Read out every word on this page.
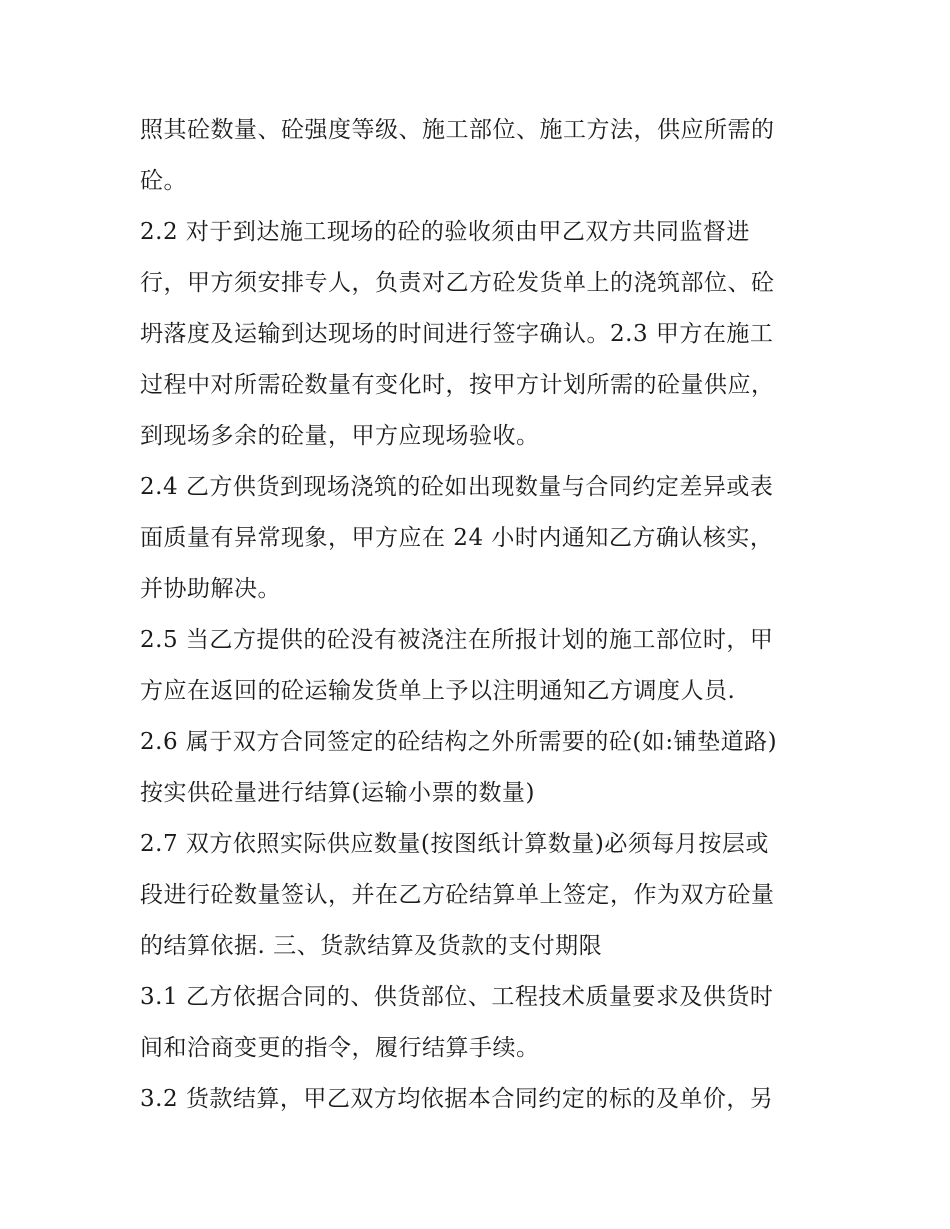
照其砼数量、砼强度等级、施工部位、施工方法，供应所需的
砼。
2.2 对于到达施工现场的砼的验收须由甲乙双方共同监督进
行，甲方须安排专人，负责对乙方砼发货单上的浇筑部位、砼
坍落度及运输到达现场的时间进行签字确认。2.3 甲方在施工
过程中对所需砼数量有变化时，按甲方计划所需的砼量供应，
到现场多余的砼量，甲方应现场验收。
2.4 乙方供货到现场浇筑的砼如出现数量与合同约定差异或表
面质量有异常现象，甲方应在 24 小时内通知乙方确认核实，
并协助解决。
2.5 当乙方提供的砼没有被浇注在所报计划的施工部位时，甲
方应在返回的砼运输发货单上予以注明通知乙方调度人员.
2.6 属于双方合同签定的砼结构之外所需要的砼(如:铺垫道路)
按实供砼量进行结算(运输小票的数量)
2.7 双方依照实际供应数量(按图纸计算数量)必须每月按层或
段进行砼数量签认，并在乙方砼结算单上签定，作为双方砼量
的结算依据. 三、货款结算及货款的支付期限
3.1 乙方依据合同的、供货部位、工程技术质量要求及供货时
间和洽商变更的指令，履行结算手续。
3.2 货款结算，甲乙双方均依据本合同约定的标的及单价，另
